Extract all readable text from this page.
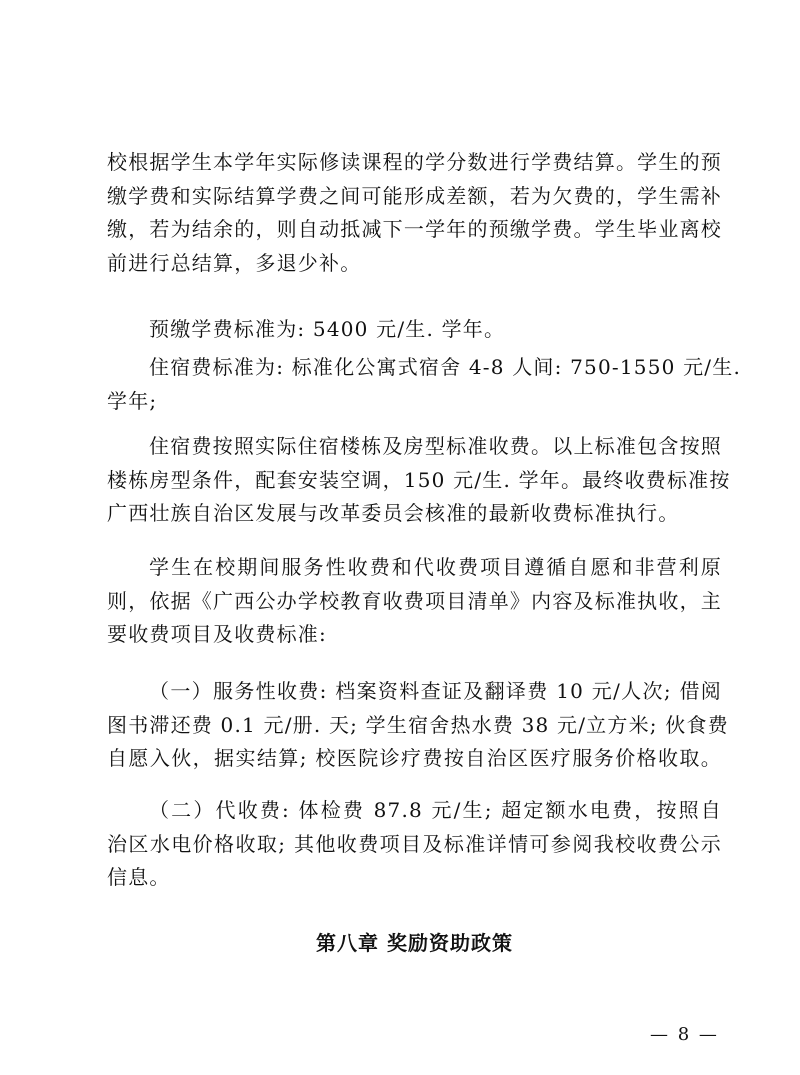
校根据学生本学年实际修读课程的学分数进行学费结算。学生的预
缴学费和实际结算学费之间可能形成差额，若为欠费的，学生需补
缴，若为结余的，则自动抵减下一学年的预缴学费。学生毕业离校
前进行总结算，多退少补。
预缴学费标准为: 5400 元/生. 学年。
住宿费标准为: 标准化公寓式宿舍 4-8 人间: 750-1550 元/生.
学年;
住宿费按照实际住宿楼栋及房型标准收费。以上标准包含按照
楼栋房型条件，配套安装空调，150 元/生. 学年。最终收费标准按
广西壮族自治区发展与改革委员会核准的最新收费标准执行。
学生在校期间服务性收费和代收费项目遵循自愿和非营利原
则，依据《广西公办学校教育收费项目清单》内容及标准执收，主
要收费项目及收费标准:
（一）服务性收费: 档案资料查证及翻译费 10 元/人次; 借阅
图书滞还费 0.1 元/册. 天; 学生宿舍热水费 38 元/立方米; 伙食费
自愿入伙，据实结算; 校医院诊疗费按自治区医疗服务价格收取。
（二）代收费: 体检费 87.8 元/生; 超定额水电费，按照自
治区水电价格收取; 其他收费项目及标准详情可参阅我校收费公示
信息。
第八章 奖励资助政策
— 8 —
